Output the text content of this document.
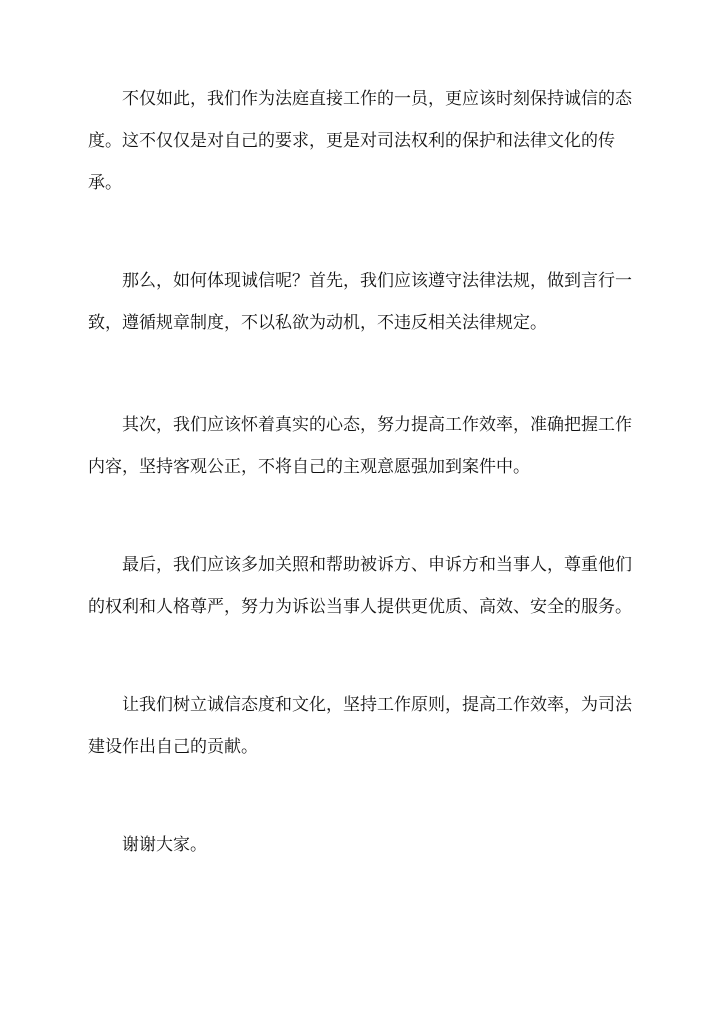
不仅如此，我们作为法庭直接工作的一员，更应该时刻保持诚信的态度。这不仅仅是对自己的要求，更是对司法权利的保护和法律文化的传承。

那么，如何体现诚信呢？首先，我们应该遵守法律法规，做到言行一致，遵循规章制度，不以私欲为动机，不违反相关法律规定。

其次，我们应该怀着真实的心态，努力提高工作效率，准确把握工作内容，坚持客观公正，不将自己的主观意愿强加到案件中。

最后，我们应该多加关照和帮助被诉方、申诉方和当事人，尊重他们的权利和人格尊严，努力为诉讼当事人提供更优质、高效、安全的服务。

让我们树立诚信态度和文化，坚持工作原则，提高工作效率，为司法建设作出自己的贡献。

谢谢大家。
